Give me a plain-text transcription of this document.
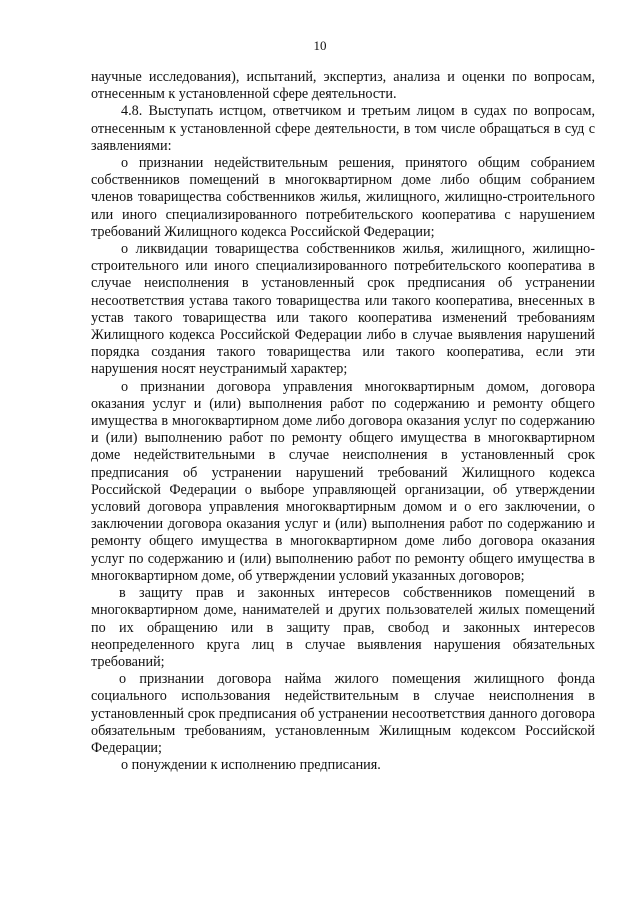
10

научные исследования), испытаний, экспертиз, анализа и оценки по вопросам, отнесенным к установленной сфере деятельности.

4.8. Выступать истцом, ответчиком и третьим лицом в судах по вопросам, отнесенным к установленной сфере деятельности, в том числе обращаться в суд с заявлениями:

о признании недействительным решения, принятого общим собранием собственников помещений в многоквартирном доме либо общим собранием членов товарищества собственников жилья, жилищного, жилищно-строительного или иного специализированного потребительского кооператива с нарушением требований Жилищного кодекса Российской Федерации;

о ликвидации товарищества собственников жилья, жилищного, жилищно-строительного или иного специализированного потребительского кооператива в случае неисполнения в установленный срок предписания об устранении несоответствия устава такого товарищества или такого кооператива, внесенных в устав такого товарищества или такого кооператива изменений требованиям Жилищного кодекса Российской Федерации либо в случае выявления нарушений порядка создания такого товарищества или такого кооператива, если эти нарушения носят неустранимый характер;

о признании договора управления многоквартирным домом, договора оказания услуг и (или) выполнения работ по содержанию и ремонту общего имущества в многоквартирном доме либо договора оказания услуг по содержанию и (или) выполнению работ по ремонту общего имущества в многоквартирном доме недействительными в случае неисполнения в установленный срок предписания об устранении нарушений требований Жилищного кодекса Российской Федерации о выборе управляющей организации, об утверждении условий договора управления многоквартирным домом и о его заключении, о заключении договора оказания услуг и (или) выполнения работ по содержанию и ремонту общего имущества в многоквартирном доме либо договора оказания услуг по содержанию и (или) выполнению работ по ремонту общего имущества в многоквартирном доме, об утверждении условий указанных договоров;

в защиту прав и законных интересов собственников помещений в многоквартирном доме, нанимателей и других пользователей жилых помещений по их обращению или в защиту прав, свобод и законных интересов неопределенного круга лиц в случае выявления нарушения обязательных требований;

о признании договора найма жилого помещения жилищного фонда социального использования недействительным в случае неисполнения в установленный срок предписания об устранении несоответствия данного договора обязательным требованиям, установленным Жилищным кодексом Российской Федерации;

о понуждении к исполнению предписания.
